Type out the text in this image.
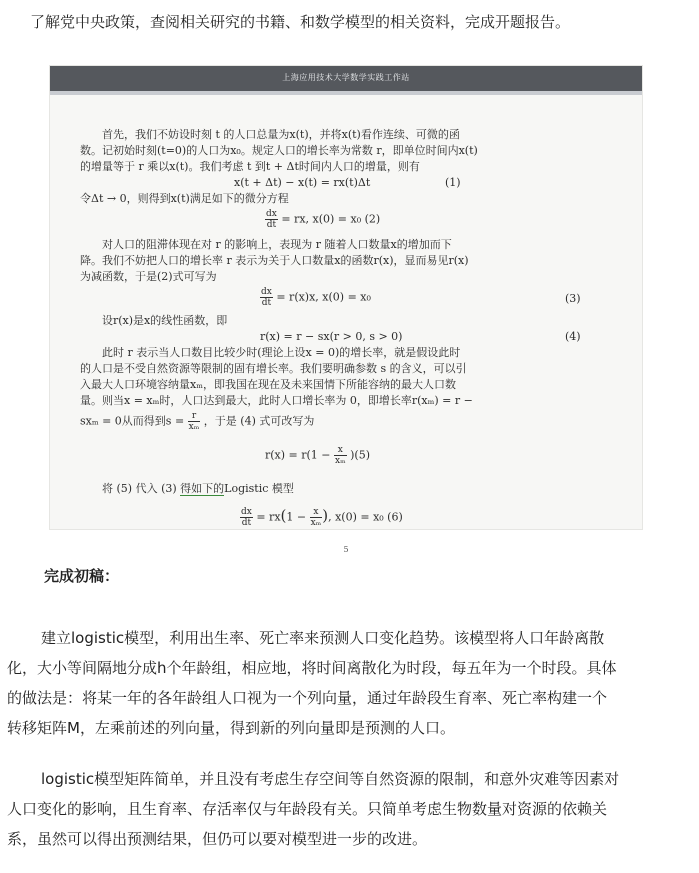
了解党中央政策，查阅相关研究的书籍、和数学模型的相关资料，完成开题报告。
上海应用技术大学数学实践工作站
首先，我们不妨设时刻 t 的人口总量为x(t)，并将x(t)看作连续、可微的函
数。记初始时刻(t=0)的人口为x₀。规定人口的增长率为常数 r，即单位时间内x(t)
的增量等于 r 乘以x(t)。我们考虑 t 到t + Δt时间内人口的增量，则有
x(t + Δt) − x(t) = rx(t)Δt	(1)
令Δt → 0，则得到x(t)满足如下的微分方程
$\frac{dx}{dt}$ = rx, x(0) = x₀ (2)
对人口的阻滞体现在对 r 的影响上，表现为 r 随着人口数量x的增加而下
降。我们不妨把人口的增长率 r 表示为关于人口数量x的函数r(x)，显而易见r(x)
为减函数，于是(2)式可写为
$\frac{dx}{dt} = r(x)x$, x(0) = x₀	(3)
设r(x)是x的线性函数，即
r(x) = r − sx(r > 0, s > 0)	(4)
此时 r 表示当人口数目比较少时(理论上设x = 0)的增长率，就是假设此时
的人口是不受自然资源等限制的固有增长率。我们要明确参数 s 的含义，可以引
入最大人口环境容纳量xₘ，即我国在现在及未来国情下所能容纳的最大人口数
量。则当x = xₘ时，人口达到最大，此时人口增长率为 0，即增长率r(xₘ) = r −
sxₘ = 0从而得到$s = \frac{r}{\text{xₘ}}$ ，于是 (4) 式可改写为
$r(x) = r(1 - \frac{x}{\text{xₘ}} )(5)$
将 (5) 代入 (3) 得如下的Logistic 模型
$\frac{dx}{dt} = rx(1 - \frac{x}{\text{xₘ}}$ ), x(0) = x₀ (6)
5
完成初稿：
建立logistic模型，利用出生率、死亡率来预测人口变化趋势。该模型将人口年龄离散
化，大小等间隔地分成h个年龄组，相应地，将时间离散化为时段，每五年为一个时段。具体
的做法是：将某一年的各年龄组人口视为一个列向量，通过年龄段生育率、死亡率构建一个
转移矩阵M，左乘前述的列向量，得到新的列向量即是预测的人口。
logistic模型矩阵简单，并且没有考虑生存空间等自然资源的限制，和意外灾难等因素对
人口变化的影响，且生育率、存活率仅与年龄段有关。只简单考虑生物数量对资源的依赖关
系，虽然可以得出预测结果，但仍可以要对模型进一步的改进。
